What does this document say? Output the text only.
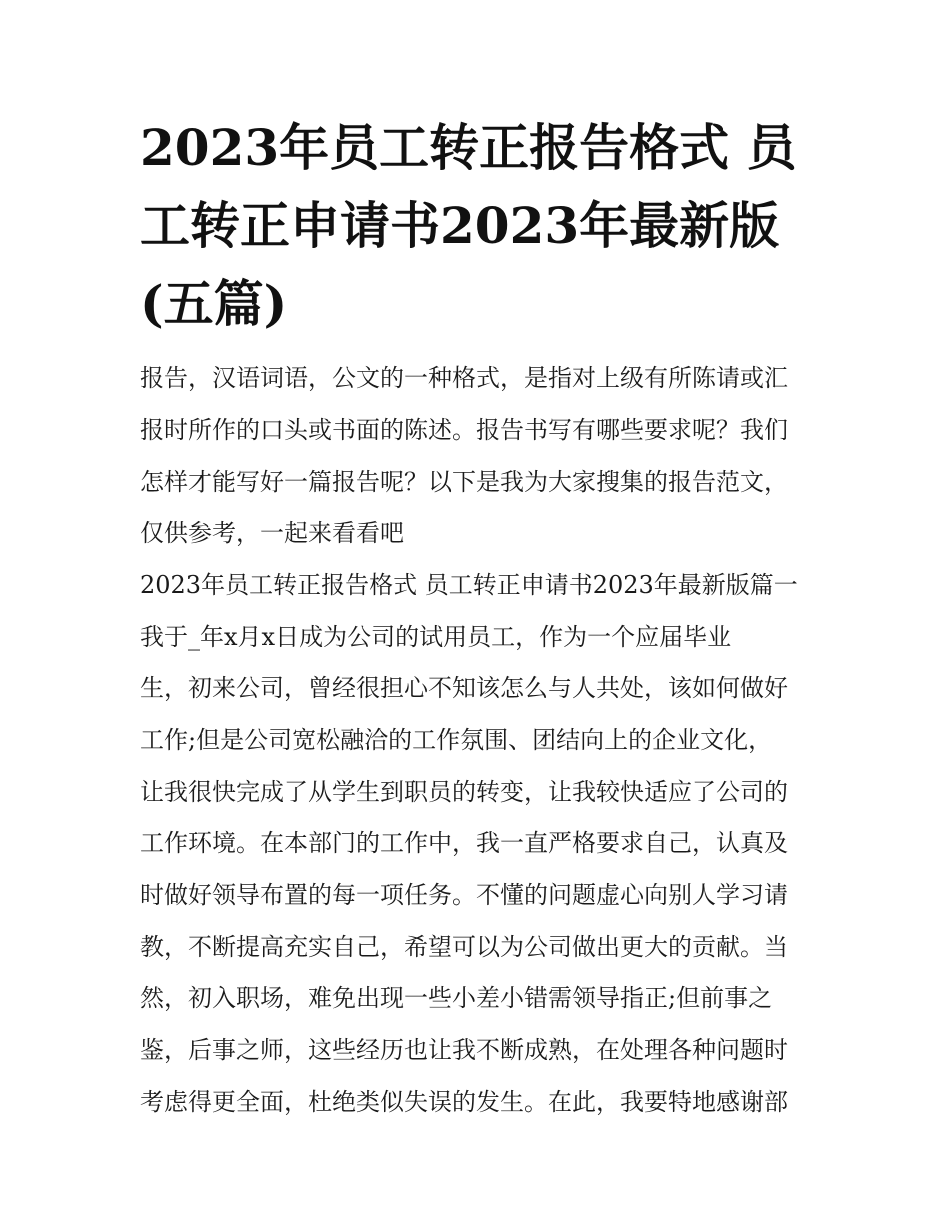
2023年员工转正报告格式 员
工转正申请书2023年最新版
(五篇)
报告，汉语词语，公文的一种格式，是指对上级有所陈请或汇
报时所作的口头或书面的陈述。报告书写有哪些要求呢？我们
怎样才能写好一篇报告呢？以下是我为大家搜集的报告范文，
仅供参考，一起来看看吧
2023年员工转正报告格式 员工转正申请书2023年最新版篇一
我于_年x月x日成为公司的试用员工，作为一个应届毕业
生，初来公司，曾经很担心不知该怎么与人共处，该如何做好
工作;但是公司宽松融洽的工作氛围、团结向上的企业文化，
让我很快完成了从学生到职员的转变，让我较快适应了公司的
工作环境。在本部门的工作中，我一直严格要求自己，认真及
时做好领导布置的每一项任务。不懂的问题虚心向别人学习请
教，不断提高充实自己，希望可以为公司做出更大的贡献。当
然，初入职场，难免出现一些小差小错需领导指正;但前事之
鉴，后事之师，这些经历也让我不断成熟，在处理各种问题时
考虑得更全面，杜绝类似失误的发生。在此，我要特地感谢部
